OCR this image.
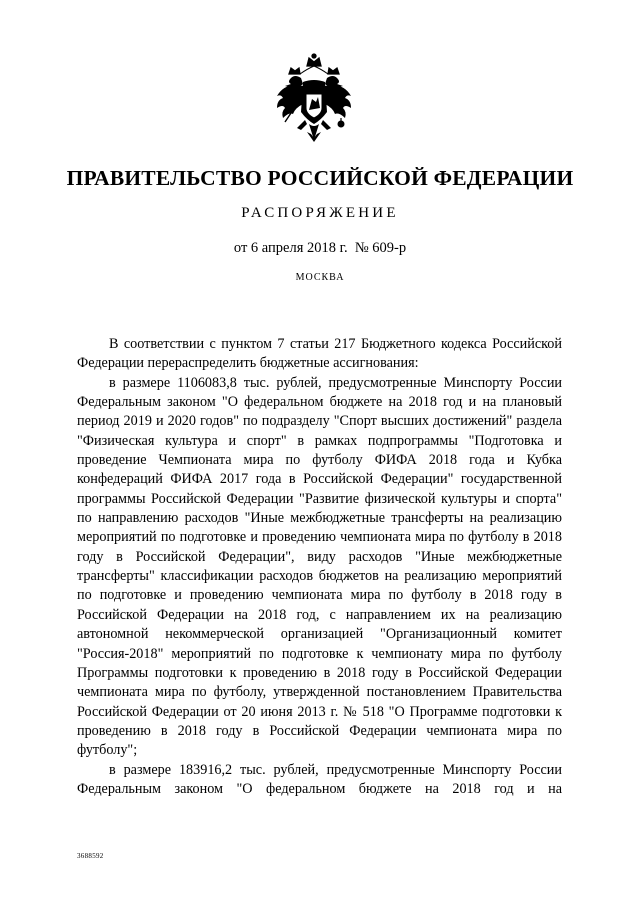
ПРАВИТЕЛЬСТВО РОССИЙСКОЙ ФЕДЕРАЦИИ
РАСПОРЯЖЕНИЕ
от 6 апреля 2018 г.  № 609-р
МОСКВА

В соответствии с пунктом 7 статьи 217 Бюджетного кодекса Российской Федерации перераспределить бюджетные ассигнования:

в размере 1106083,8 тыс. рублей, предусмотренные Минспорту России Федеральным законом "О федеральном бюджете на 2018 год и на плановый период 2019 и 2020 годов" по подразделу "Спорт высших достижений" раздела "Физическая культура и спорт" в рамках подпрограммы "Подготовка и проведение Чемпионата мира по футболу ФИФА 2018 года и Кубка конфедераций ФИФА 2017 года в Российской Федерации" государственной программы Российской Федерации "Развитие физической культуры и спорта" по направлению расходов "Иные межбюджетные трансферты на реализацию мероприятий по подготовке и проведению чемпионата мира по футболу в 2018 году в Российской Федерации", виду расходов "Иные межбюджетные трансферты" классификации расходов бюджетов на реализацию мероприятий по подготовке и проведению чемпионата мира по футболу в 2018 году в Российской Федерации на 2018 год, с направлением их на реализацию автономной некоммерческой организацией "Организационный комитет "Россия-2018" мероприятий по подготовке к чемпионату мира по футболу Программы подготовки к проведению в 2018 году в Российской Федерации чемпионата мира по футболу, утвержденной постановлением Правительства Российской Федерации от 20 июня 2013 г. № 518 "О Программе подготовки к проведению в 2018 году в Российской Федерации чемпионата мира по футболу";

в размере 183916,2 тыс. рублей, предусмотренные Минспорту России Федеральным законом "О федеральном бюджете на 2018 год и на

3688592
